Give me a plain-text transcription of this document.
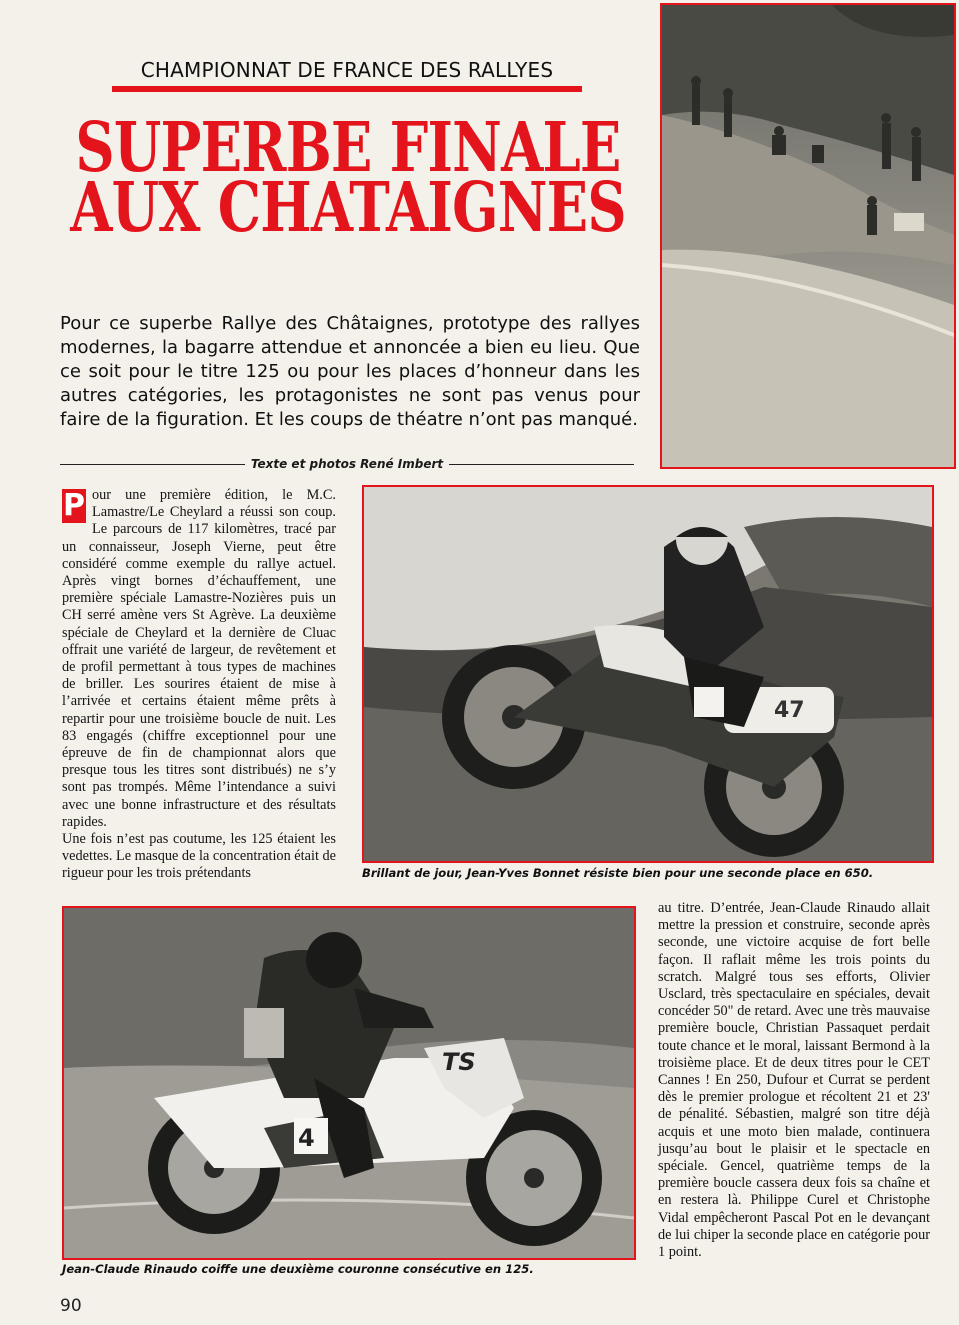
CHAMPIONNAT DE FRANCE DES RALLYES
SUPERBE FINALE
AUX CHATAIGNES
Pour ce superbe Rallye des Châtaignes, prototype des rallyes modernes, la bagarre attendue et annoncée a bien eu lieu. Que ce soit pour le titre 125 ou pour les places d’honneur dans les autres catégories, les protagonistes ne sont pas venus pour faire de la figuration. Et les coups de théatre n’ont pas manqué.
Texte et photos René Imbert
47

P our une première édition, le M.C. Lamastre/Le Cheylard a réussi son coup. Le parcours de 117 kilomètres, tracé par un connaisseur, Joseph Vierne, peut être considéré comme exemple du rallye actuel. Après vingt bornes d’échauffement, une première spéciale Lamastre-Nozières puis un CH serré amène vers St Agrève. La deuxième spéciale de Cheylard et la dernière de Cluac offrait une variété de largeur, de revêtement et de profil permettant à tous types de machines de briller. Les sourires étaient de mise à l’arrivée et certains étaient même prêts à repartir pour une troisième boucle de nuit. Les 83 engagés (chiffre exceptionnel pour une épreuve de fin de championnat alors que presque tous les titres sont distribués) ne s’y sont pas trompés. Même l’intendance a suivi avec une bonne infrastructure et des résultats rapides.

Une fois n’est pas coutume, les 125 étaient les vedettes. Le masque de la concentration était de rigueur pour les trois prétendants	Brillant de jour, Jean-Yves Bonnet résiste bien pour une seconde place en 650.
4
TS
Jean-Claude Rinaudo coiffe une deuxième couronne consécutive en 125.
au titre. D’entrée, Jean-Claude Rinaudo allait mettre la pression et construire, seconde après seconde, une victoire acquise de fort belle façon. Il raflait même les trois points du scratch. Malgré tous ses efforts, Olivier Usclard, très spectaculaire en spéciales, devait concéder 50" de retard. Avec une très mauvaise première boucle, Christian Passaquet perdait toute chance et le moral, laissant Bermond à la troisième place. Et de deux titres pour le CET Cannes ! En 250, Dufour et Currat se perdent dès le premier prologue et récoltent 21 et 23' de pénalité. Sébastien, malgré son titre déjà acquis et une moto bien malade, continuera jusqu’au bout le plaisir et le spectacle en spéciale. Gencel, quatrième temps de la première boucle cassera deux fois sa chaîne et en restera là. Philippe Curel et Christophe Vidal empêcheront Pascal Pot en le devançant de lui chiper la seconde place en catégorie pour 1 point.
90
